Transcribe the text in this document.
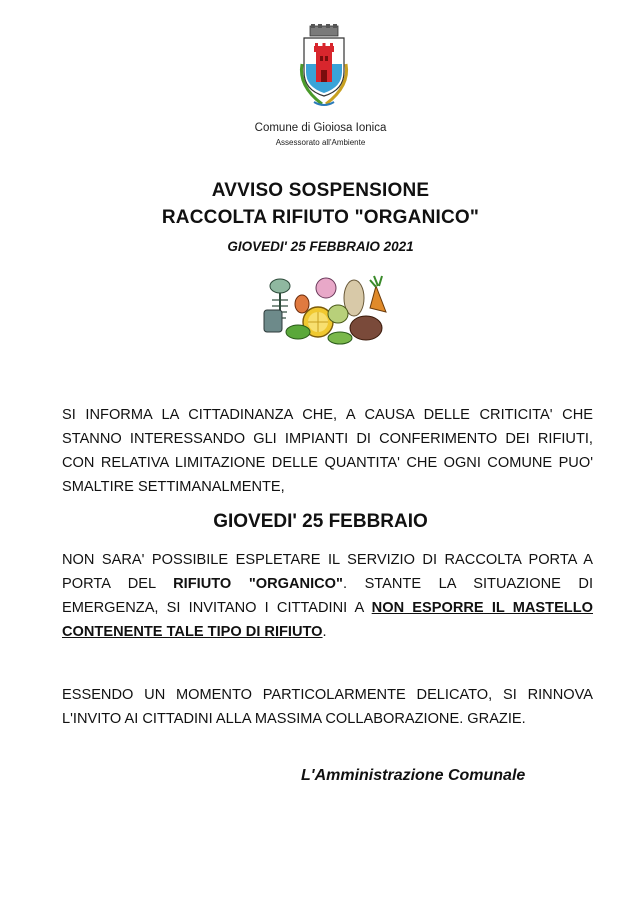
Comune di Gioiosa Ionica
Assessorato all'Ambiente
AVVISO SOSPENSIONE
RACCOLTA RIFIUTO "ORGANICO"
GIOVEDI' 25 FEBBRAIO 2021
SI INFORMA LA CITTADINANZA CHE, A CAUSA DELLE CRITICITA' CHE STANNO INTERESSANDO GLI IMPIANTI DI CONFERIMENTO DEI RIFIUTI, CON RELATIVA LIMITAZIONE DELLE QUANTITA' CHE OGNI COMUNE PUO' SMALTIRE SETTIMANALMENTE,
GIOVEDI' 25 FEBBRAIO
NON SARA' POSSIBILE ESPLETARE IL SERVIZIO DI RACCOLTA PORTA A PORTA DEL RIFIUTO "ORGANICO". STANTE LA SITUAZIONE DI EMERGENZA, SI INVITANO I CITTADINI A NON ESPORRE IL MASTELLO CONTENENTE TALE TIPO DI RIFIUTO.
ESSENDO UN MOMENTO PARTICOLARMENTE DELICATO, SI RINNOVA L'INVITO AI CITTADINI ALLA MASSIMA COLLABORAZIONE. GRAZIE.
L'Amministrazione Comunale
